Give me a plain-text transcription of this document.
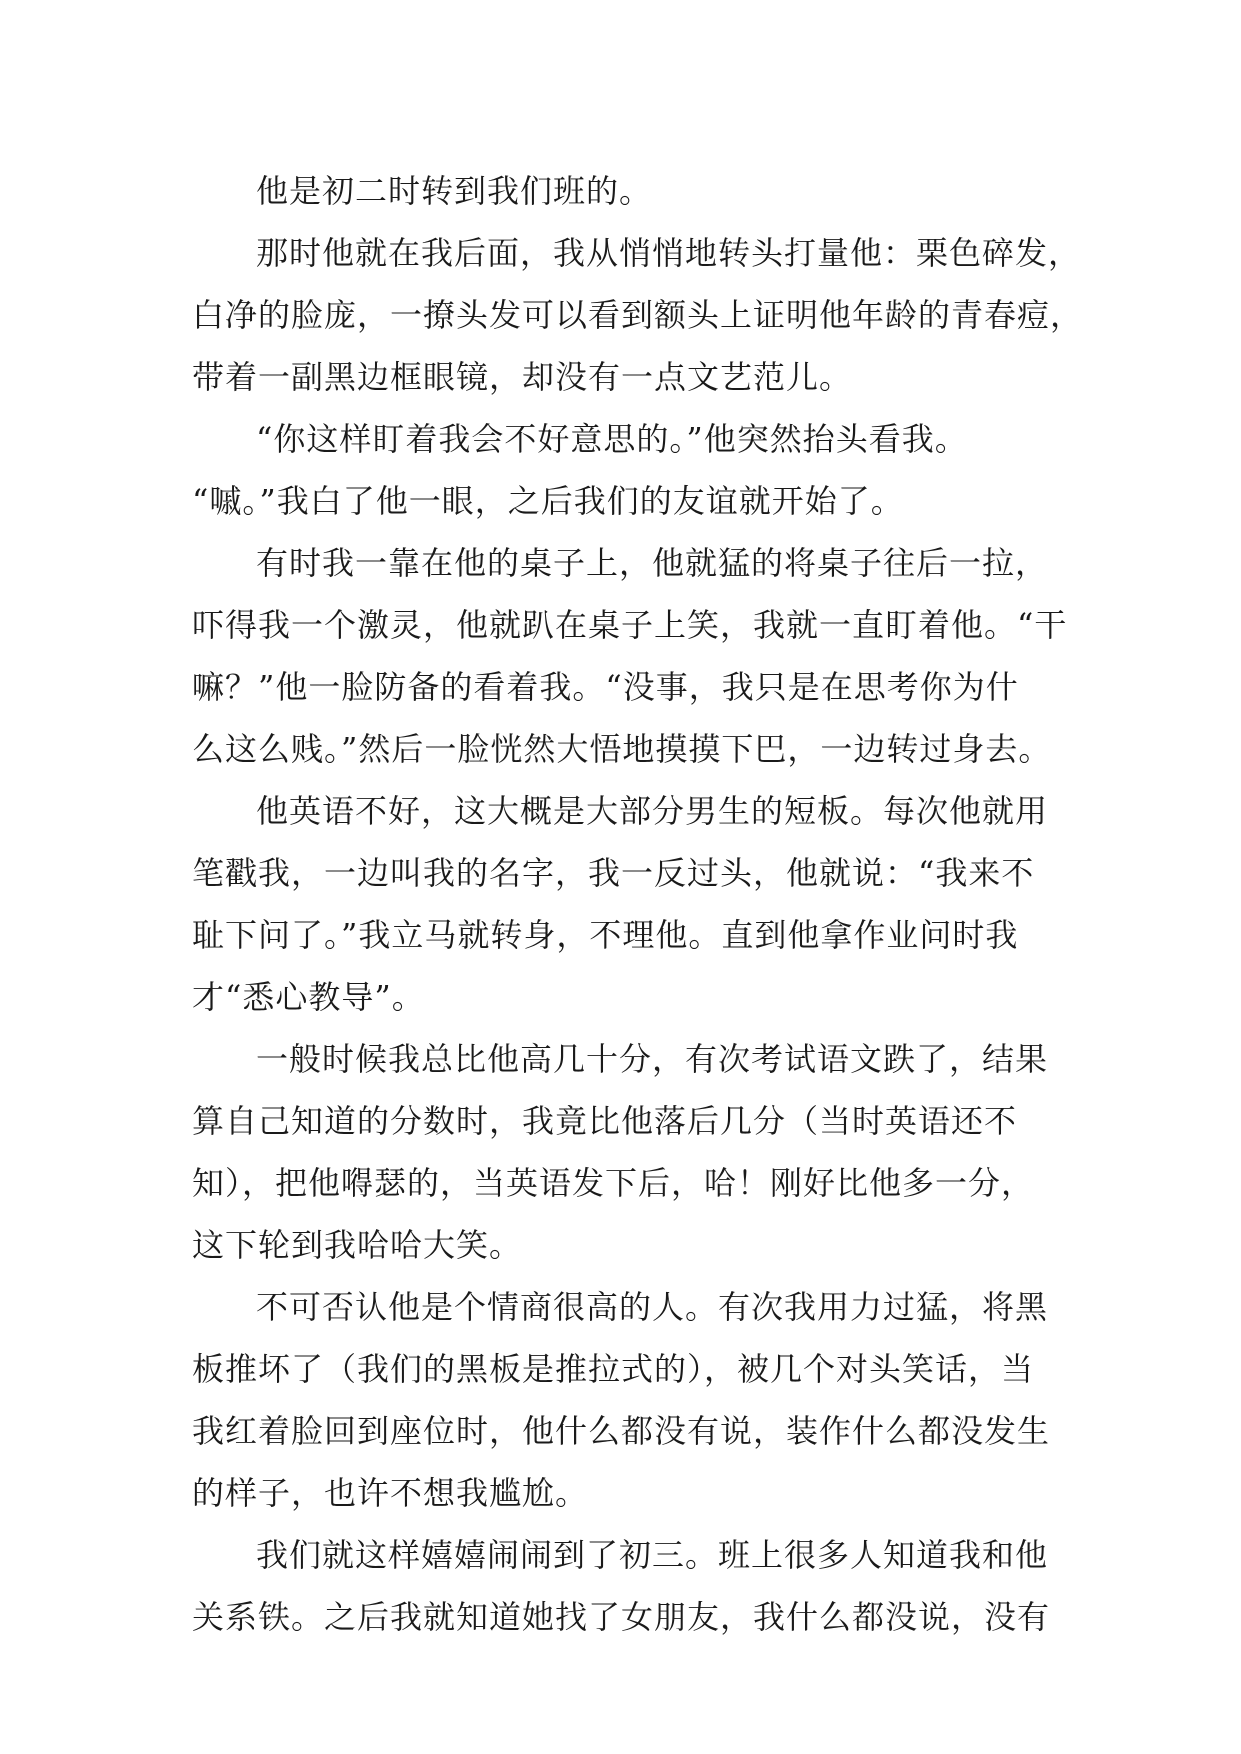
他是初二时转到我们班的。
那时他就在我后面，我从悄悄地转头打量他：栗色碎发，
白净的脸庞，一撩头发可以看到额头上证明他年龄的青春痘，
带着一副黑边框眼镜，却没有一点文艺范儿。
“你这样盯着我会不好意思的。”他突然抬头看我。
“嘁。”我白了他一眼，之后我们的友谊就开始了。
有时我一靠在他的桌子上，他就猛的将桌子往后一拉，
吓得我一个激灵，他就趴在桌子上笑，我就一直盯着他。“干
嘛？”他一脸防备的看着我。“没事，我只是在思考你为什
么这么贱。”然后一脸恍然大悟地摸摸下巴，一边转过身去。
他英语不好，这大概是大部分男生的短板。每次他就用
笔戳我，一边叫我的名字，我一反过头，他就说：“我来不
耻下问了。”我立马就转身，不理他。直到他拿作业问时我
才“悉心教导”。
一般时候我总比他高几十分，有次考试语文跌了，结果
算自己知道的分数时，我竟比他落后几分（当时英语还不
知），把他嘚瑟的，当英语发下后，哈！刚好比他多一分，
这下轮到我哈哈大笑。
不可否认他是个情商很高的人。有次我用力过猛，将黑
板推坏了（我们的黑板是推拉式的），被几个对头笑话，当
我红着脸回到座位时，他什么都没有说，装作什么都没发生
的样子，也许不想我尴尬。
我们就这样嬉嬉闹闹到了初三。班上很多人知道我和他
关系铁。之后我就知道她找了女朋友，我什么都没说，没有
